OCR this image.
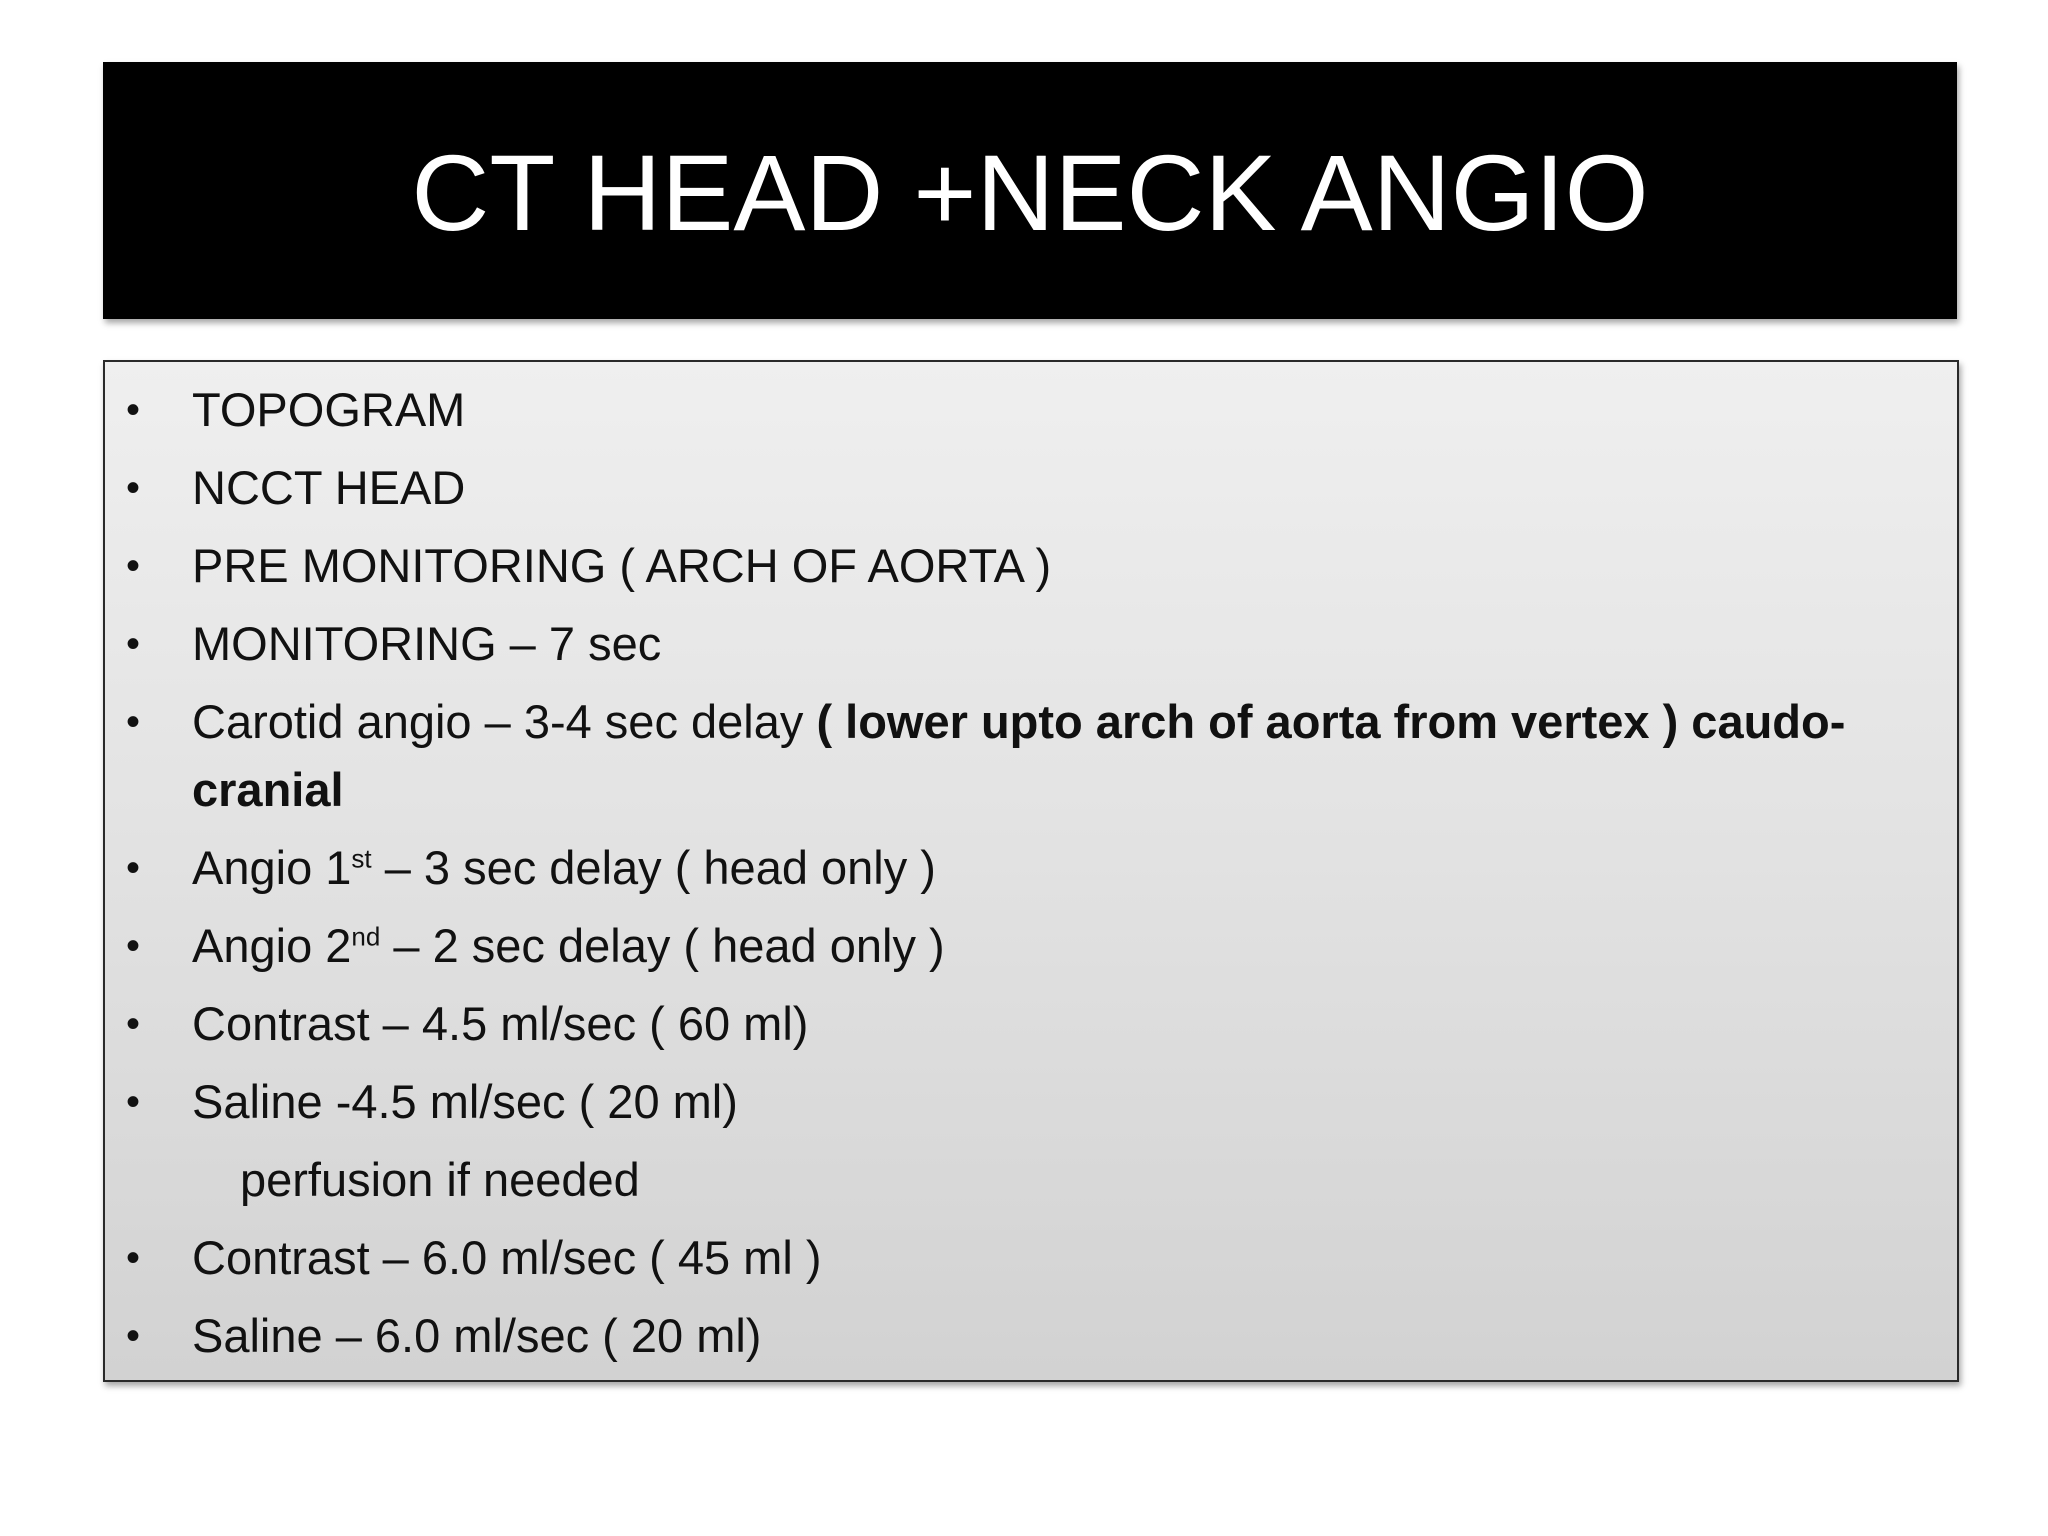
CT HEAD +NECK ANGIO
• TOPOGRAM
• NCCT HEAD
• PRE MONITORING ( ARCH OF AORTA )
• MONITORING – 7 sec
• Carotid angio – 3-4 sec delay ( lower upto arch of aorta from vertex ) caudo-cranial
• Angio 1st – 3 sec delay ( head only )
• Angio 2nd – 2 sec delay ( head only )
• Contrast – 4.5 ml/sec ( 60 ml)
• Saline -4.5 ml/sec ( 20 ml)
perfusion if needed
• Contrast – 6.0 ml/sec ( 45 ml )
• Saline – 6.0 ml/sec ( 20 ml)
